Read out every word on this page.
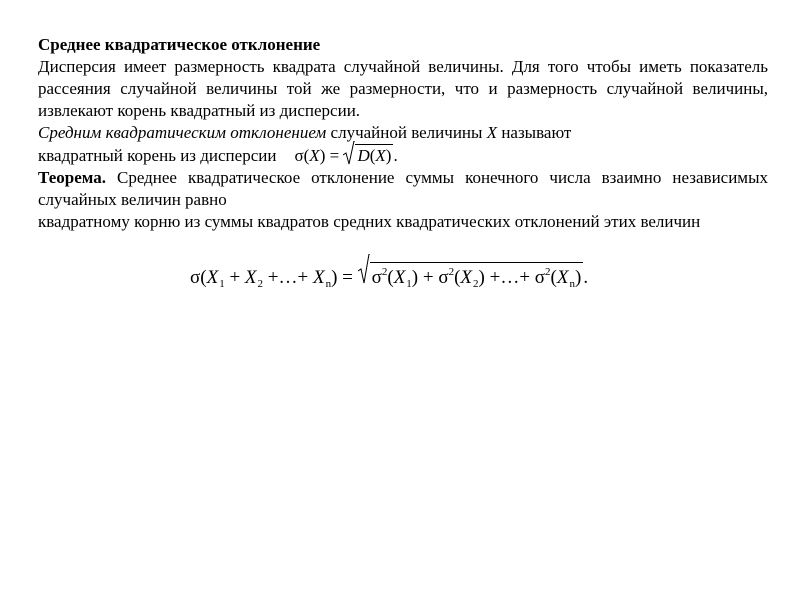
Среднее квадратическое отклонение
Дисперсия имеет размерность квадрата случайной величины. Для того чтобы иметь показатель
рассеяния случайной величины той же размерности, что и размерность случайной величины,
извлекают корень квадратный из дисперсии.
Средним квадратическим отклонением случайной величины X называют
квадратный корень из дисперсии σ(X) = D(X) .
Теорема. Среднее квадратическое отклонение суммы конечного числа взаимно независимых
случайных величин равно
квадратному корню из суммы квадратов средних квадратических отклонений этих величин
$\sigma(X_1 + X_2$ +…+ $X_n) = \sigma^2(X_1) + \sigma^2(X_2)$ +…+ $\sigma^2(X_n)$ .
